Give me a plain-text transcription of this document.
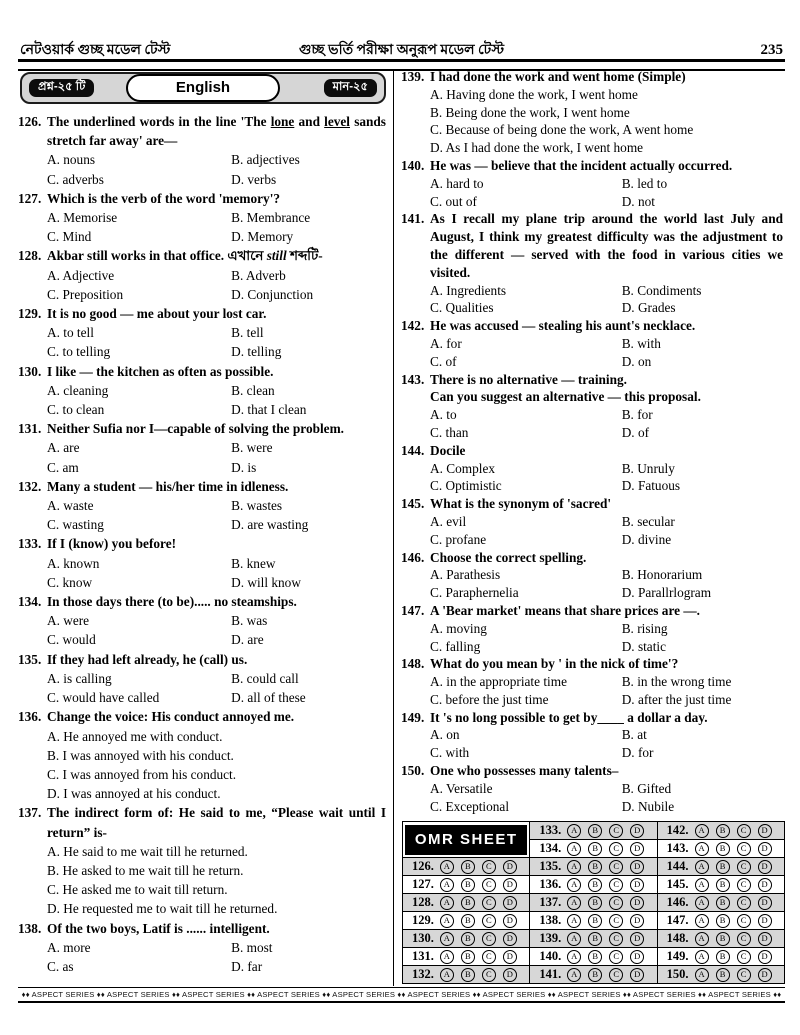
নেটওয়ার্ক গুচ্ছ মডেল টেস্ট	গুচ্ছ ভর্তি পরীক্ষা অনুরূপ মডেল টেস্ট	235
প্রশ্ন-২৫ টি	English	মান-২৫
126. The underlined words in the line 'The lone and level sands stretch far away' are—
A. nouns	B. adjectives
C. adverbs	D. verbs
127. Which is the verb of the word 'memory'?
A. Memorise	B. Membrance
C. Mind	D. Memory
128. Akbar still works in that office. এখানে still শব্দটি-
A. Adjective	B. Adverb
C. Preposition	D. Conjunction
129. It is no good — me about your lost car.
A. to tell	B. tell
C. to telling	D. telling
130. I like — the kitchen as often as possible.
A. cleaning	B. clean
C. to clean	D. that I clean
131. Neither Sufia nor I—capable of solving the problem.
A. are	B. were
C. am	D. is
132. Many a student — his/her time in idleness.
A. waste	B. wastes
C. wasting	D. are wasting
133. If I (know) you before!
A. known	B. knew
C. know	D. will know
134. In those days there (to be)..... no steamships.
A. were	B. was
C. would	D. are
135. If they had left already, he (call) us.
A. is calling	B. could call
C. would have called	D. all of these
136. Change the voice: His conduct annoyed me.
A. He annoyed me with conduct.
B. I was annoyed with his conduct.
C. I was annoyed from his conduct.
D. I was annoyed at his conduct.
137. The indirect form of: He said to me, “Please wait until I return” is-
A. He said to me wait till he returned.
B. He asked to me wait till he return.
C. He asked me to wait till return.
D. He requested me to wait till he returned.
138. Of the two boys, Latif is ...... intelligent.
A. more	B. most
C. as	D. far
139. I had done the work and went home (Simple)
A. Having done the work, I went home
B. Being done the work, I went home
C. Because of being done the work, A went home
D. As I had done the work, I went home
140. He was — believe that the incident actually occurred.
A. hard to	B. led to
C. out of	D. not
141. As I recall my plane trip around the world last July and August, I think my greatest difficulty was the adjustment to the different — served with the food in various cities we visited.
A. Ingredients	B. Condiments
C. Qualities	D. Grades
142. He was accused — stealing his aunt's necklace.
A. for	B. with
C. of	D. on
143. There is no alternative — training.
Can you suggest an alternative — this proposal.
A. to	B. for
C. than	D. of
144. Docile
A. Complex	B. Unruly
C. Optimistic	D. Fatuous
145. What is the synonym of 'sacred'
A. evil	B. secular
C. profane	D. divine
146. Choose the correct spelling.
A. Parathesis	B. Honorarium
C. Paraphernelia	D. Parallrlogram
147. A 'Bear market' means that share prices are —.
A. moving	B. rising
C. falling	D. static
148. What do you mean by ' in the nick of time'?
A. in the appropriate time	B. in the wrong time
C. before the just time	D. after the just time
149. It 's no long possible to get by____ a dollar a day.
A. on	B. at
C. with	D. for
150. One who possesses many talents–
A. Versatile	B. Gifted
C. Exceptional	D. Nubile
OMR SHEET	133. A B C D	142. A B C D

	134. A B C D	143. A B C D

126. A B C D	135. A B C D	144. A B C D

127. A B C D	136. A B C D	145. A B C D

128. A B C D	137. A B C D	146. A B C D

129. A B C D	138. A B C D	147. A B C D

130. A B C D	139. A B C D	148. A B C D

131. A B C D	140. A B C D	149. A B C D

132. A B C D	141. A B C D	150. A B C D
♦♦ ASPECT SERIES ♦♦ ASPECT SERIES ♦♦ ASPECT SERIES ♦♦ ASPECT SERIES ♦♦ ASPECT SERIES ♦♦ ASPECT SERIES ♦♦ ASPECT SERIES ♦♦ ASPECT SERIES ♦♦ ASPECT SERIES ♦♦ ASPECT SERIES ♦♦
